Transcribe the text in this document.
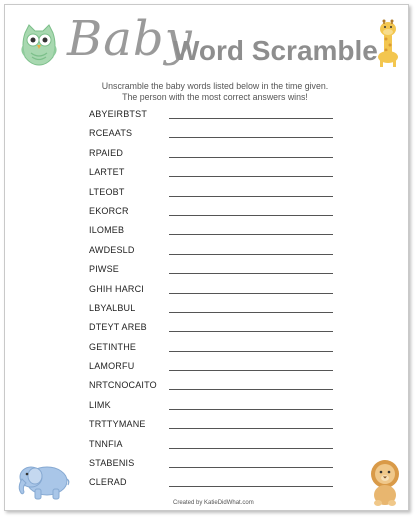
Baby
Word Scramble
Unscramble the baby words listed below in the time given.
The person with the most correct answers wins!
ABYEIRBTST
RCEAATS
RPAIED
LARTET
LTEOBT
EKORCR
ILOMEB
AWDESLD
PIWSE
GHIH HARCI
LBYALBUL
DTEYT AREB
GETINTHE
LAMORFU
NRTCNOCAITO
LIMK
TRTTYMANE
TNNFIA
STABENIS
CLERAD
Created by KatieDidWhat.com
